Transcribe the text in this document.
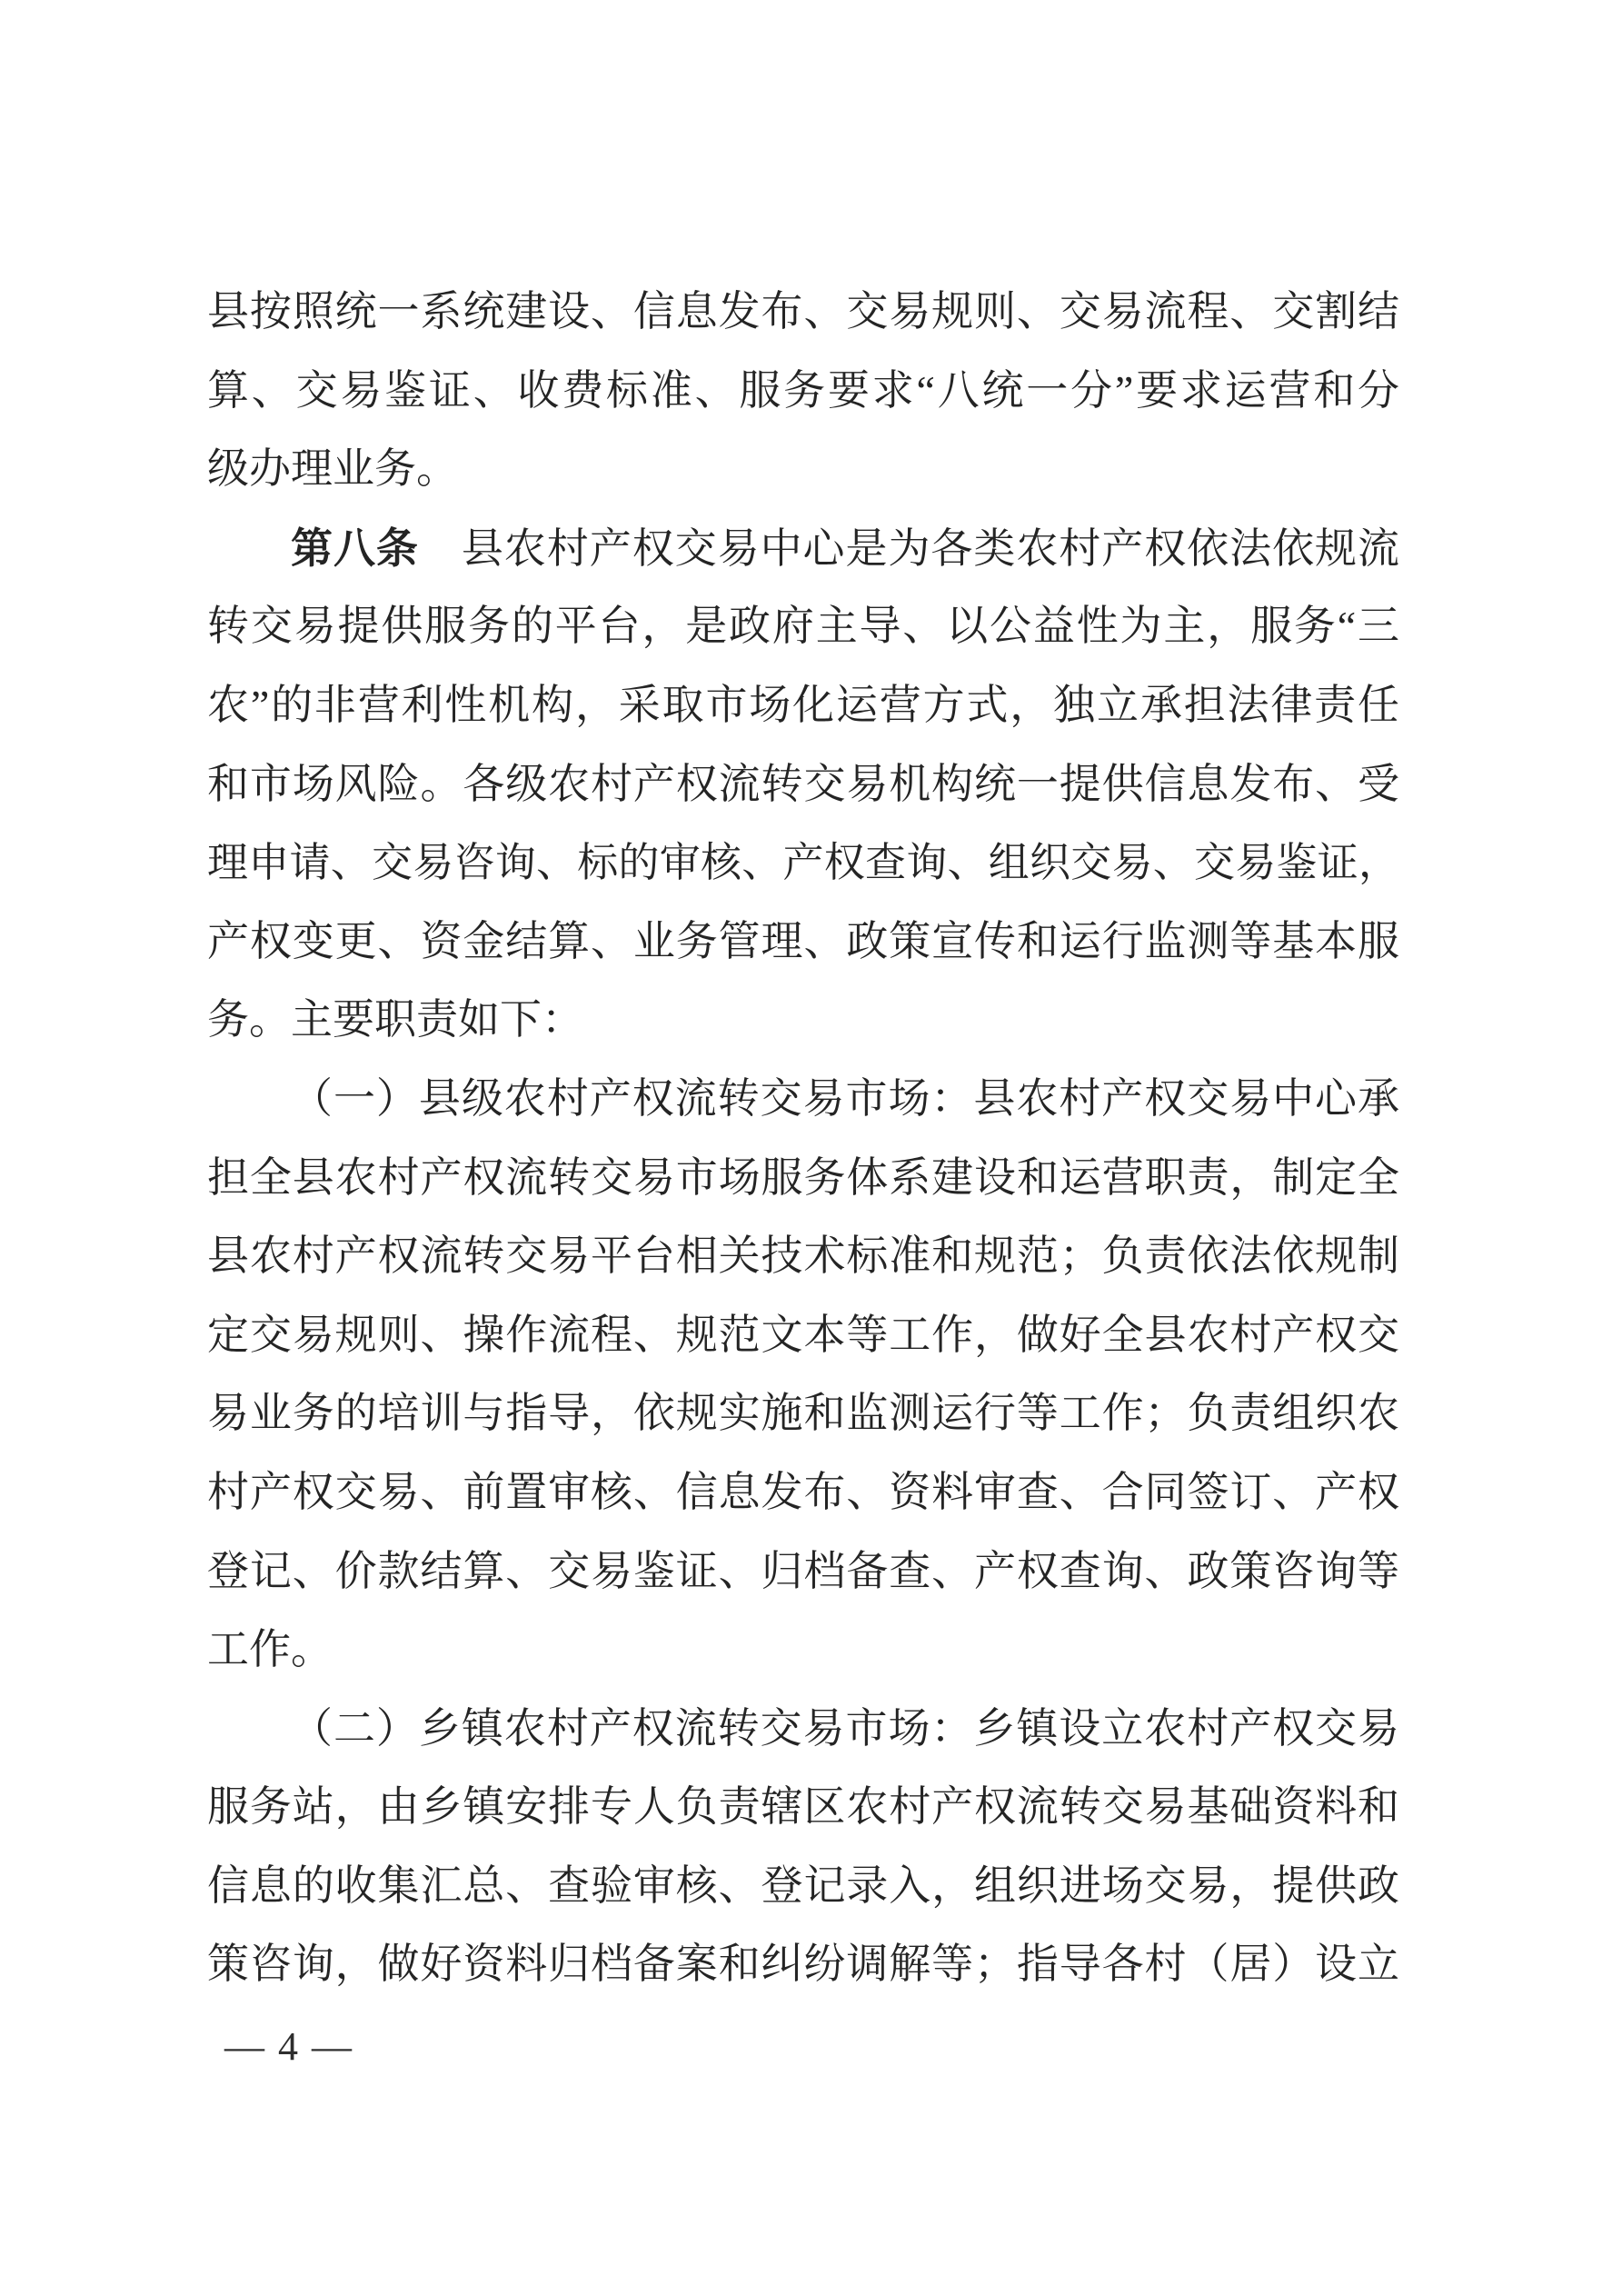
县按照统一系统建设、信息发布、交易规则、交易流程、交割结
算、交易鉴证、收费标准、服务要求“八统一分”要求运营和分
级办理业务。
第八条　县农村产权交易中心是为各类农村产权依法依规流
转交易提供服务的平台，是政府主导、以公益性为主，服务“三
农”的非营利性机构，采取市场化运营方式，独立承担法律责任
和市场风险。各级农村产权流转交易机构统一提供信息发布、受
理申请、交易咨询、标的审核、产权查询、组织交易、交易鉴证，
产权变更、资金结算、业务管理、政策宣传和运行监测等基本服
务。主要职责如下：
（一）县级农村产权流转交易市场：县农村产权交易中心承
担全县农村产权流转交易市场服务体系建设和运营职责，制定全
县农村产权流转交易平台相关技术标准和规范；负责依法依规制
定交易规则、操作流程、规范文本等工作，做好全县农村产权交
易业务的培训与指导，依规实施和监测运行等工作；负责组织农
村产权交易、前置审核、信息发布、资料审查、合同签订、产权
登记、价款结算、交易鉴证、归档备查、产权查询、政策咨询等
工作。
（二）乡镇农村产权流转交易市场：乡镇设立农村产权交易
服务站，由乡镇安排专人负责辖区农村产权流转交易基础资料和
信息的收集汇总、查验审核、登记录入，组织进场交易，提供政
策咨询，做好资料归档备案和纠纷调解等；指导各村（居）设立
— 4 —
